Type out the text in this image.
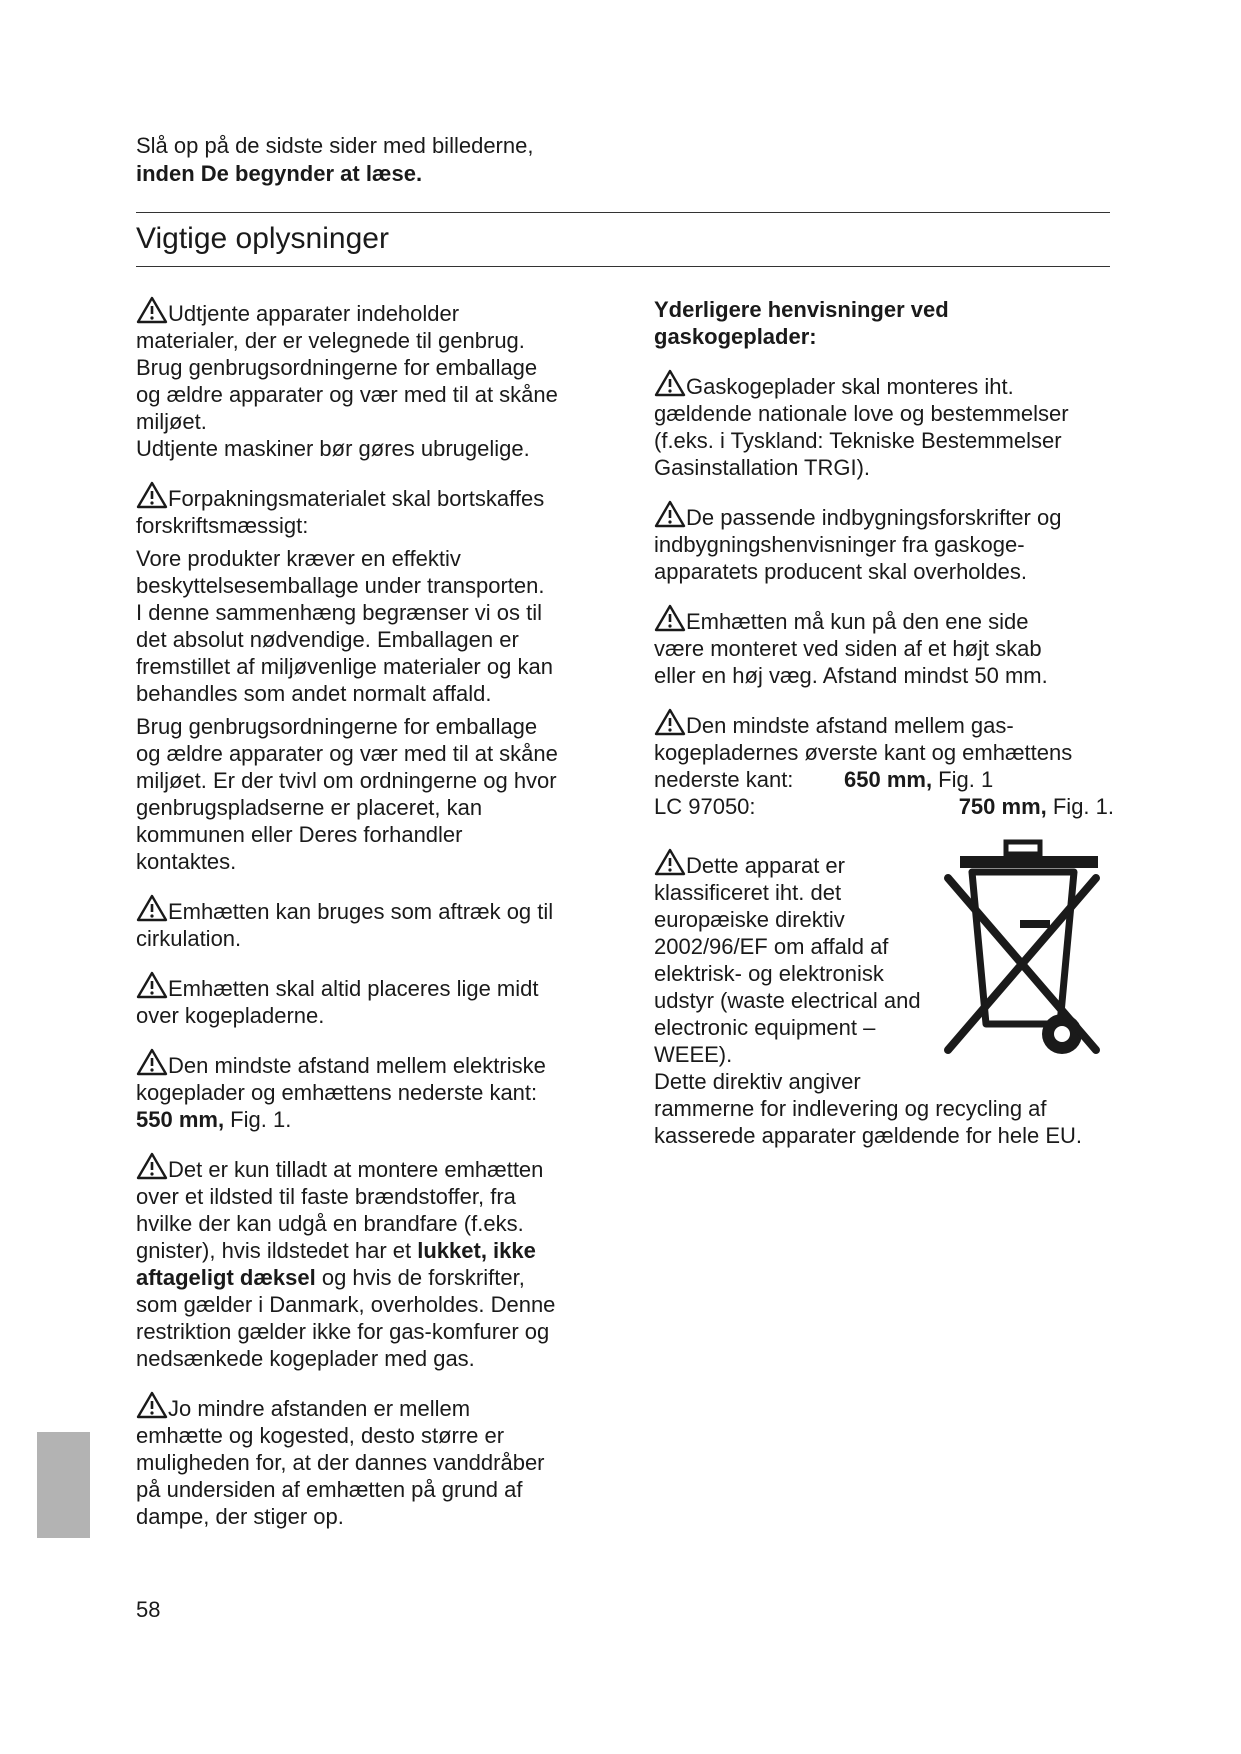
Slå op på de sidste sider med billederne,
inden De begynder at læse.
Vigtige oplysninger

Udtjente apparater indeholder
materialer, der er velegnede til genbrug.
Brug genbrugsordningerne for emballage
og ældre apparater og vær med til at skåne
miljøet.
Udtjente maskiner bør gøres ubrugelige.

Forpakningsmaterialet skal bortskaffes
forskriftsmæssigt:

Vore produkter kræver en effektiv
beskyttelsesemballage under transporten.
I denne sammenhæng begrænser vi os til
det absolut nødvendige. Emballagen er
fremstillet af miljøvenlige materialer og kan
behandles som andet normalt affald.

Brug genbrugsordningerne for emballage
og ældre apparater og vær med til at skåne
miljøet. Er der tvivl om ordningerne og hvor
genbrugspladserne er placeret, kan
kommunen eller Deres forhandler
kontaktes.

Emhætten kan bruges som aftræk og til
cirkulation.

Emhætten skal altid placeres lige midt
over kogepladerne.

Den mindste afstand mellem elektriske
kogeplader og emhættens nederste kant:
550 mm, Fig. 1.

Det er kun tilladt at montere emhætten
over et ildsted til faste brændstoffer, fra
hvilke der kan udgå en brandfare (f.eks.
gnister), hvis ildstedet har et lukket, ikke
aftageligt dæksel og hvis de forskrifter,
som gælder i Danmark, overholdes. Denne
restriktion gælder ikke for gas-komfurer og
nedsænkede kogeplader med gas.

Jo mindre afstanden er mellem
emhætte og kogested, desto større er
muligheden for, at der dannes vanddråber
på undersiden af emhætten på grund af
dampe, der stiger op.

Yderligere henvisninger ved
gaskogeplader:

Gaskogeplader skal monteres iht.
gældende nationale love og bestemmelser
(f.eks. i Tyskland: Tekniske Bestemmelser
Gasinstallation TRGI).

De passende indbygningsforskrifter og
indbygningshenvisninger fra gaskoge-
apparatets producent skal overholdes.

Emhætten må kun på den ene side
være monteret ved siden af et højt skab
eller en høj væg. Afstand mindst 50 mm.

Den mindste afstand mellem gas-
kogepladernes øverste kant og emhættens
nederste kant:	650 mm, Fig. 1
LC 97050:	750 mm, Fig. 1.
Dette apparat er
klassificeret iht. det
europæiske direktiv
2002/96/EF om affald af
elektrisk- og elektronisk
udstyr (waste electrical and
electronic equipment –
WEEE).
Dette direktiv angiver
rammerne for indlevering og recycling af
kasserede apparater gældende for hele EU.
58
